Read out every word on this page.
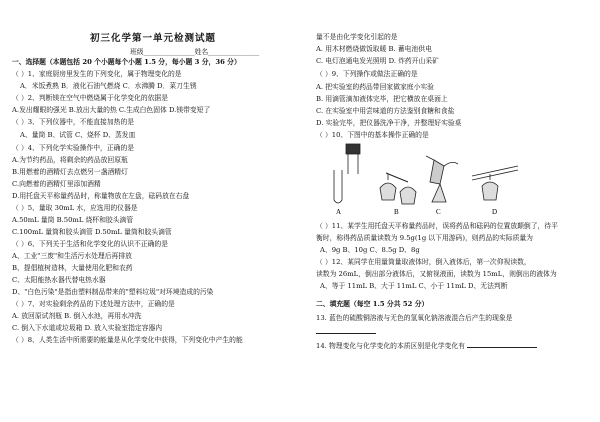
初三化学第一单元检测试题
班级_______________姓名_______________
一、选择题（本题包括 20 个小题每个小题 1.5 分，每小题 3 分，36 分）
（ ）1、家庭厨房里发生的下列变化，属于物理变化的是
A．米饭煮熟 B．液化石油气燃烧 C．水沸腾 D．菜刀生锈
（ ）2、判断镁在空气中燃烧属于化学变化的依据是
A.发出耀眼的强光 B.放出大量的热 C.生成白色固体 D.镁带变短了
（ ）3、下列仪器中，不能直接加热的是
A、量筒 B、试管 C、烧杯 D、蒸发皿
（ ）4、下列化学实验操作中，正确的是
A.为节约药品，将剩余的药品放回原瓶
B.用燃着的酒精灯去点燃另一盏酒精灯
C.向燃着的酒精灯里添加酒精
D.用托盘天平称量药品时，称量物放在左盘，砝码放在右盘
（ ）5、量取 30mL 水，应选用的仪器是
A.50mL 量筒 B.50mL 烧杯和胶头滴管
C.100mL 量筒和胶头滴管 D.50mL 量筒和胶头滴管
（ ）6、下列关于生活和化学变化的认识不正确的是
A、工业"三废"和生活污水处理后再排放
B、提倡植树造林，大量使用化肥和农药
C、太阳能热水器代替电热水器
D、"白色污染"是指由塑料制品带来的"塑料垃圾"对环境造成的污染
（ ）7、对实验剩余药品的下述处理方法中，正确的是
A. 放回原试剂瓶 B. 倒入水池，再用水冲洗
C. 倒入下水道或垃圾箱 D. 放入实验室指定容器内
（ ）8、人类生活中所需要的能量是从化学变化中获得，下列变化中产生的能
量不是由化学变化引起的是
A. 用木材燃烧做饭取暖 B. 蓄电池供电
C. 电灯泡通电发光照明 D. 炸药开山采矿
（ ）9、下列操作或做法正确的是
A. 把实验室的药品带回家做家庭小实验
B. 用滴管滴加液体完毕，把它横放在桌面上
C. 在实验室中用尝味道的方法鉴别食糖和食盐
D. 实验完毕，把仪器洗净干净，并整理好实验桌
（ ）10、下图中的基本操作正确的是
A	B	C	D
（ ）11、某学生用托盘天平称量药品时，误将药品和砝码的位置放颠倒了，待平
衡时，称得药品质量读数为 9.5g(1g 以下用游码)，则药品的实际质量为
A、9g B、10g C、8.5g D、8g
（ ）12、某同学在用量筒量取液体时，倒入液体后，第一次仰视读数，
读数为 26mL，倒出部分液体后，又俯视液面，读数为 15mL，则倒出的液体为
A、等于 11mL B、大于 11mL C、小于 11mL D、无法判断
二、填充题（每空 1.5 分共 52 分）
13. 蓝色的硫酸铜溶液与无色的氢氧化钠溶液混合后产生的现象是
14. 物理变化与化学变化的本质区别是化学变化有
